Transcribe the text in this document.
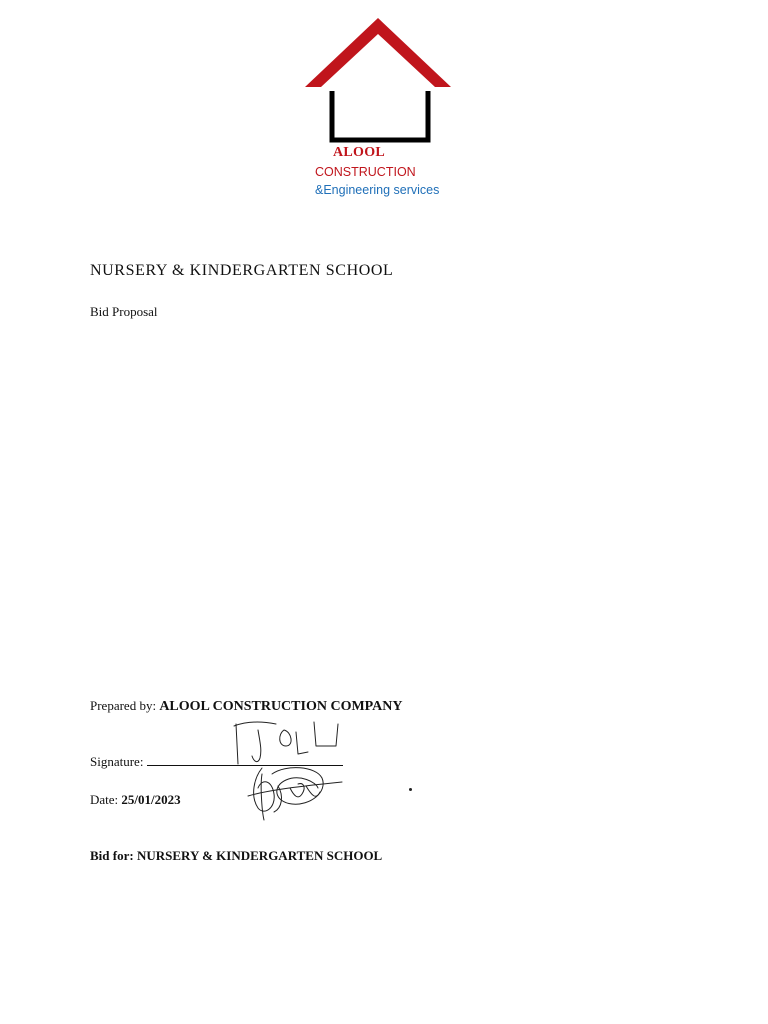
ALOOL
CONSTRUCTION
&Engineering services
NURSERY & KINDERGARTEN SCHOOL
Bid Proposal
Prepared by: ALOOL CONSTRUCTION COMPANY
Signature:
Date: 25/01/2023
Bid for: NURSERY & KINDERGARTEN SCHOOL
